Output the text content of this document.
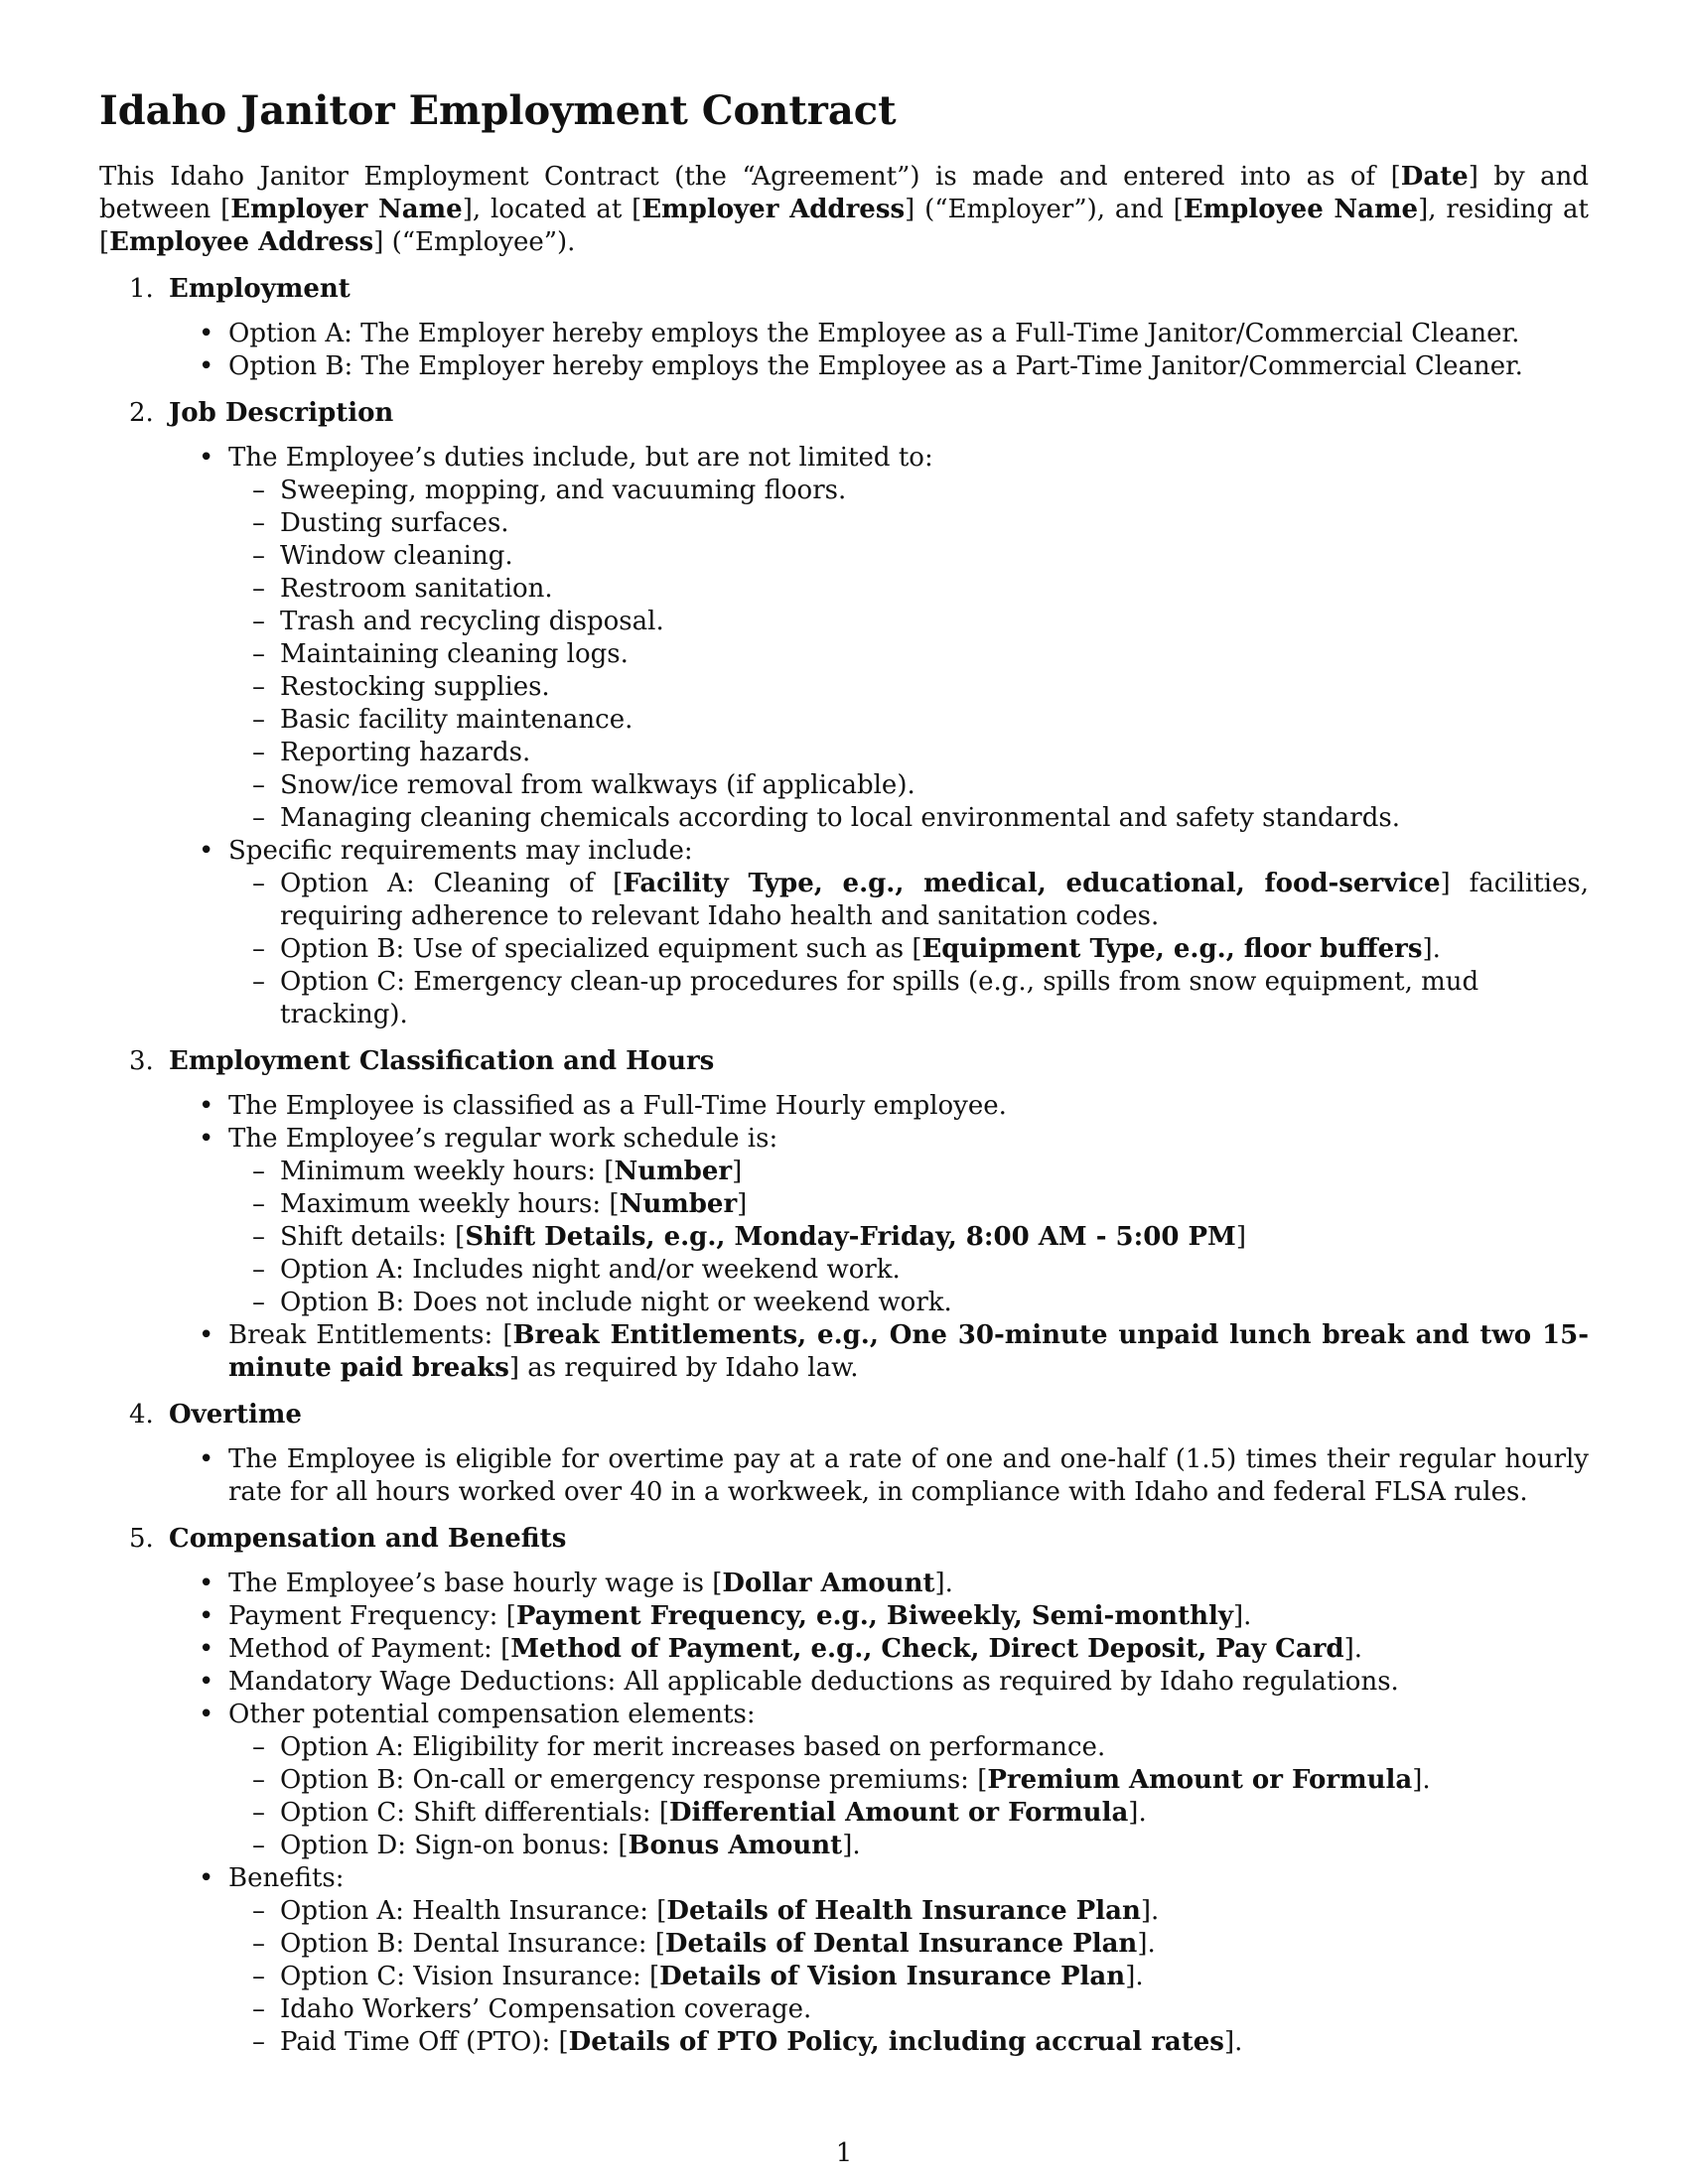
Idaho Janitor Employment Contract

This Idaho Janitor Employment Contract (the “Agreement”) is made and entered into as of [Date] by and between [Employer Name], located at [Employer Address] (“Employer”), and [Employee Name], residing at [Employee Address] (“Employee”).

1. Employment
• Option A: The Employer hereby employs the Employee as a Full-Time Janitor/Commercial Cleaner.
• Option B: The Employer hereby employs the Employee as a Part-Time Janitor/Commercial Cleaner.
2. Job Description
• The Employee’s duties include, but are not limited to:
– Sweeping, mopping, and vacuuming floors.
– Dusting surfaces.
– Window cleaning.
– Restroom sanitation.
– Trash and recycling disposal.
– Maintaining cleaning logs.
– Restocking supplies.
– Basic facility maintenance.
– Reporting hazards.
– Snow/ice removal from walkways (if applicable).
– Managing cleaning chemicals according to local environmental and safety standards.
• Specific requirements may include:
– Option A: Cleaning of [Facility Type, e.g., medical, educational, food-service] facilities, requiring adherence to relevant Idaho health and sanitation codes.
– Option B: Use of specialized equipment such as [Equipment Type, e.g., floor buffers].
– Option C: Emergency clean-up procedures for spills (e.g., spills from snow equipment, mud tracking).
3. Employment Classification and Hours
• The Employee is classified as a Full-Time Hourly employee.
• The Employee’s regular work schedule is:
– Minimum weekly hours: [Number]
– Maximum weekly hours: [Number]
– Shift details: [Shift Details, e.g., Monday-Friday, 8:00 AM - 5:00 PM]
– Option A: Includes night and/or weekend work.
– Option B: Does not include night or weekend work.
• Break Entitlements: [Break Entitlements, e.g., One 30-minute unpaid lunch break and two 15-minute paid breaks] as required by Idaho law.
4. Overtime
• The Employee is eligible for overtime pay at a rate of one and one-half (1.5) times their regular hourly rate for all hours worked over 40 in a workweek, in compliance with Idaho and federal FLSA rules.
5. Compensation and Benefits
• The Employee’s base hourly wage is [Dollar Amount].
• Payment Frequency: [Payment Frequency, e.g., Biweekly, Semi-monthly].
• Method of Payment: [Method of Payment, e.g., Check, Direct Deposit, Pay Card].
• Mandatory Wage Deductions: All applicable deductions as required by Idaho regulations.
• Other potential compensation elements:
– Option A: Eligibility for merit increases based on performance.
– Option B: On-call or emergency response premiums: [Premium Amount or Formula].
– Option C: Shift differentials: [Differential Amount or Formula].
– Option D: Sign-on bonus: [Bonus Amount].
• Benefits:
– Option A: Health Insurance: [Details of Health Insurance Plan].
– Option B: Dental Insurance: [Details of Dental Insurance Plan].
– Option C: Vision Insurance: [Details of Vision Insurance Plan].
– Idaho Workers’ Compensation coverage.
– Paid Time Off (PTO): [Details of PTO Policy, including accrual rates].
1
